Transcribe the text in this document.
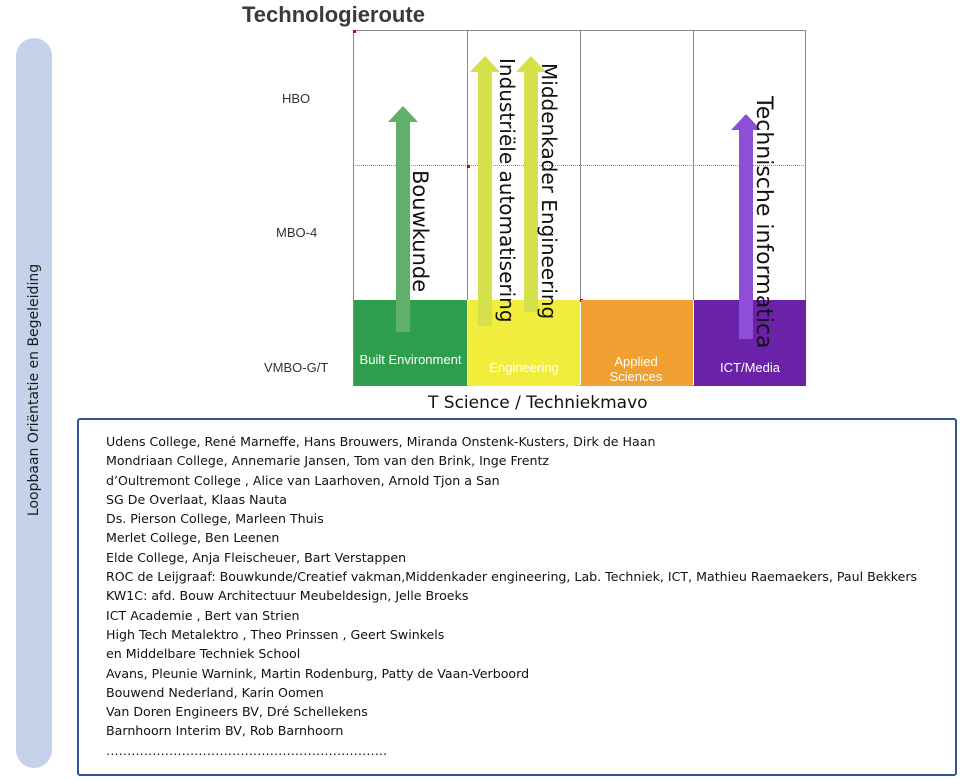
Loopbaan Oriëntatie en Begeleiding
Technologieroute
HBO
MBO-4
VMBO-G/T
Built Environment
Engineering	Applied Sciences
ICT/Media
Bouwkunde	Industriële automatisering Middenkader Engineering	Technische informatica
T Science / Techniekmavo
Udens College, René Marneffe, Hans Brouwers, Miranda Onstenk-Kusters, Dirk de Haan
Mondriaan College, Annemarie Jansen, Tom van den Brink, Inge Frentz
d’Oultremont College , Alice van Laarhoven, Arnold Tjon a San
SG De Overlaat, Klaas Nauta
Ds. Pierson College, Marleen Thuis
Merlet College, Ben Leenen
Elde College, Anja Fleischeuer, Bart Verstappen
ROC de Leijgraaf: Bouwkunde/Creatief vakman,Middenkader engineering, Lab. Techniek, ICT, Mathieu Raemaekers, Paul Bekkers
KW1C: afd. Bouw Architectuur Meubeldesign, Jelle Broeks
ICT Academie , Bert van Strien
High Tech Metalektro , Theo Prinssen , Geert Swinkels
en Middelbare Techniek School
Avans, Pleunie Warnink, Martin Rodenburg, Patty de Vaan-Verboord
Bouwend Nederland, Karin Oomen
Van Doren Engineers BV, Dré Schellekens
Barnhoorn Interim BV, Rob Barnhoorn
………………………………………………………….
